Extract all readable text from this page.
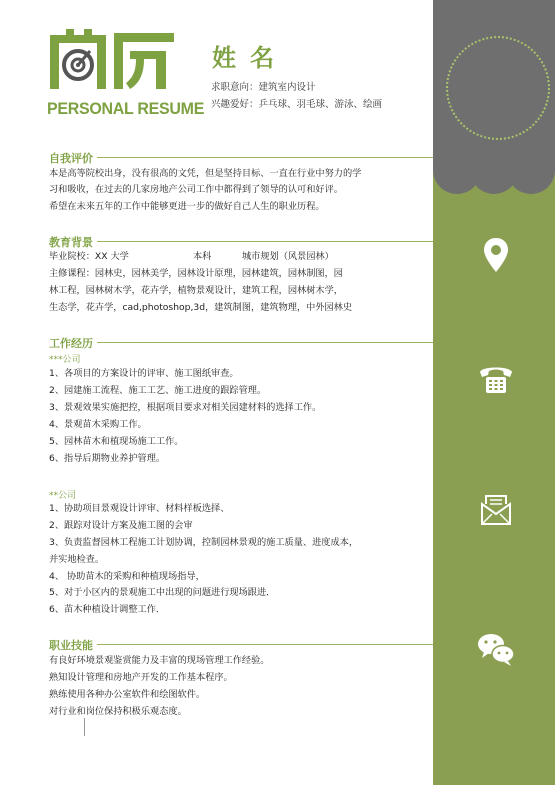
PERSONAL RESUME
姓名
求职意向：建筑室内设计
兴趣爱好：乒乓球、羽毛球、游泳、绘画
自我评价
本是高等院校出身，没有很高的文凭，但是坚持目标、一直在行业中努力的学
习和吸收，在过去的几家房地产公司工作中都得到了领导的认可和好评。
希望在未来五年的工作中能够更进一步的做好自己人生的职业历程。
教育背景
毕业院校：XX 大学	本科	城市规划（风景园林）
主修课程：园林史，园林美学，园林设计原理，园林建筑，园林制图，园
林工程，园林树木学，花卉学，植物景观设计，建筑工程，园林树木学，
生态学，花卉学，cad,photoshop,3d，建筑制图，建筑物理，中外园林史
工作经历
***公司
1、各项目的方案设计的评审、施工图纸审查。
2、园建施工流程、施工工艺、施工进度的跟踪管理。
3、景观效果实施把控，根据项目要求对相关园建材料的选择工作。
4、景观苗木采购工作。
5、园林苗木和植现场施工工作。
6、指导后期物业养护管理。
**公司
1、协助项目景观设计评审、材料样板选择、
2、跟踪对设计方案及施工图的会审
3、负责监督园林工程施工计划协调，控制园林景观的施工质量、进度成本，
并实地检查。
4、 协助苗木的采购和种植现场指导，
5、对于小区内的景观施工中出现的问题进行现场跟进．
6、苗木种植设计调整工作．
职业技能
有良好环境景观鉴赏能力及丰富的现场管理工作经验。
熟知设计管理和房地产开发的工作基本程序。
熟练使用各种办公室软件和绘图软件。
对行业和岗位保持积极乐观态度。
